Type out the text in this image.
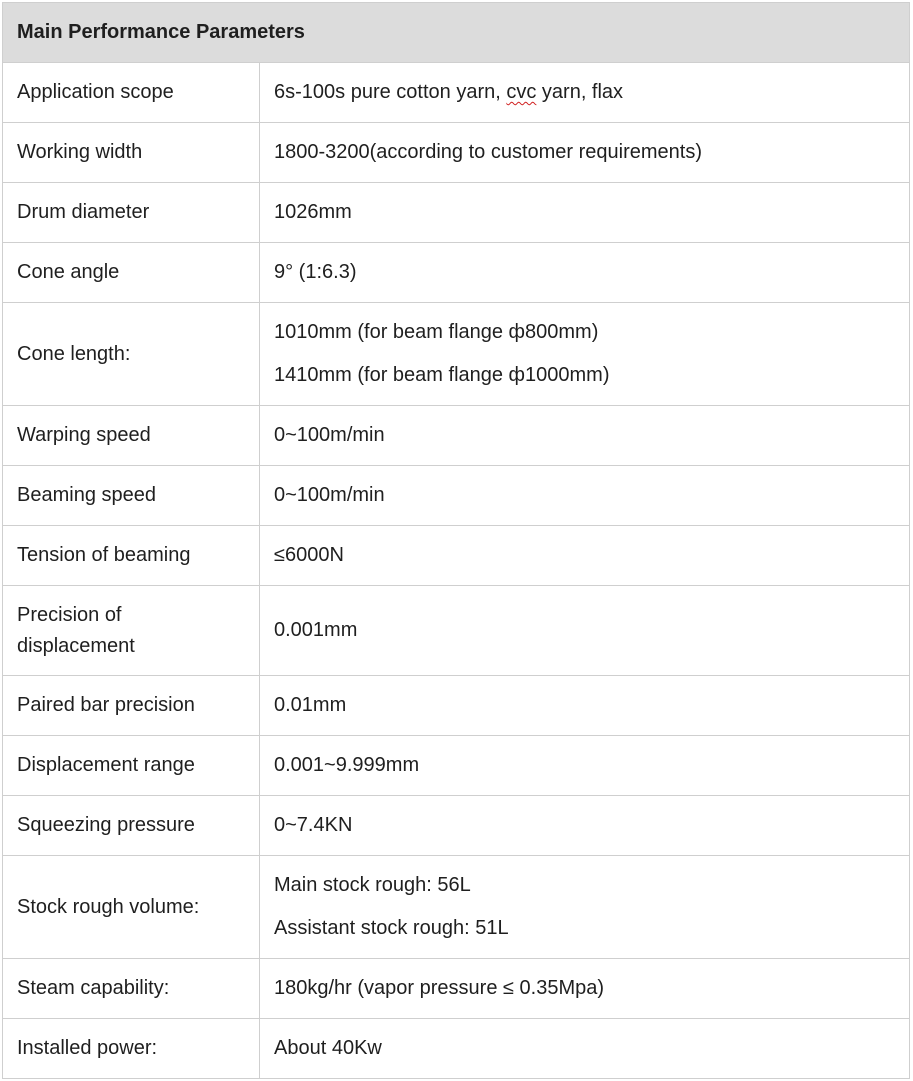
Main Performance Parameters	
Application scope	6s-100s pure cotton yarn, cvc yarn, flax
Working width	1800-3200(according to customer requirements)
Drum diameter	1026mm
Cone angle	9° (1:6.3)
Cone length:	1010mm (for beam flange ф800mm)
1410mm (for beam flange ф1000mm)

Warping speed	0~100m/min
Beaming speed	0~100m/min
Tension of beaming	≤6000N

Precision of
displacement	0.001mm
Paired bar precision	0.01mm
Displacement range	0.001~9.999mm
Squeezing pressure	0~7.4KN
Stock rough volume:	Main stock rough: 56L
Assistant stock rough: 51L

Steam capability:	180kg/hr (vapor pressure ≤ 0.35Mpa)
Installed power:	About 40Kw
